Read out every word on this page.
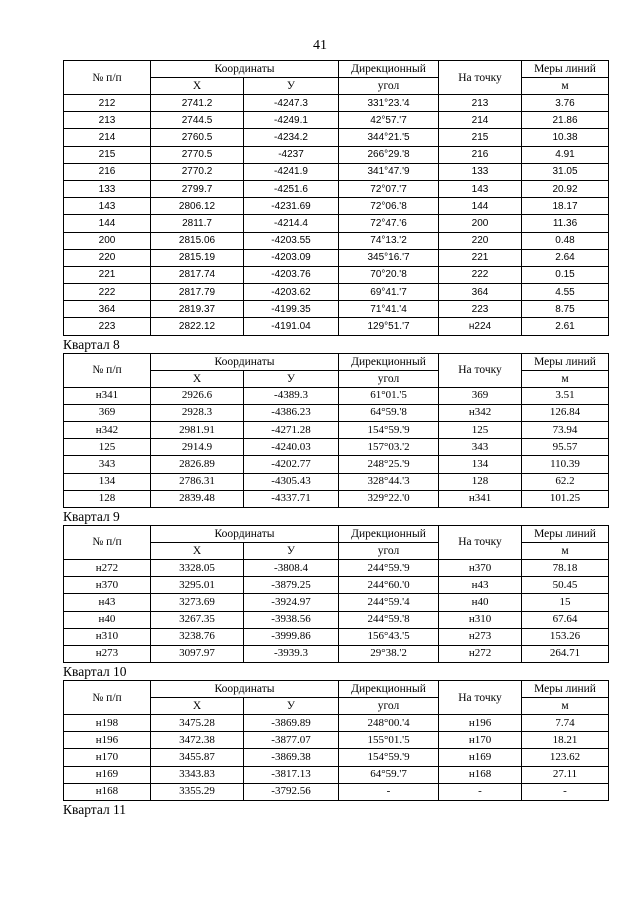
41
№ п/п	Координаты		Дирекционный	На точку	Меры линий
	Х	У	угол		м
212	2741.2	-4247.3	331°23.'4	213	3.76
213	2744.5	-4249.1	42°57.'7	214	21.86
214	2760.5	-4234.2	344°21.'5	215	10.38
215	2770.5	-4237	266°29.'8	216	4.91
216	2770.2	-4241.9	341°47.'9	133	31.05
133	2799.7	-4251.6	72°07.'7	143	20.92
143	2806.12	-4231.69	72°06.'8	144	18.17
144	2811.7	-4214.4	72°47.'6	200	11.36
200	2815.06	-4203.55	74°13.'2	220	0.48
220	2815.19	-4203.09	345°16.'7	221	2.64
221	2817.74	-4203.76	70°20.'8	222	0.15
222	2817.79	-4203.62	69°41.'7	364	4.55
364	2819.37	-4199.35	71°41.'4	223	8.75
223	2822.12	-4191.04	129°51.'7	н224	2.61
Квартал 8
№ п/п	Координаты		Дирекционный	На точку	Меры линий
	Х	У	угол		м
н341	2926.6	-4389.3	61°01.'5	369	3.51
369	2928.3	-4386.23	64°59.'8	н342	126.84
н342	2981.91	-4271.28	154°59.'9	125	73.94
125	2914.9	-4240.03	157°03.'2	343	95.57
343	2826.89	-4202.77	248°25.'9	134	110.39
134	2786.31	-4305.43	328°44.'3	128	62.2
128	2839.48	-4337.71	329°22.'0	н341	101.25
Квартал 9
№ п/п	Координаты		Дирекционный	На точку	Меры линий
	Х	У	угол		м
н272	3328.05	-3808.4	244°59.'9	н370	78.18
н370	3295.01	-3879.25	244°60.'0	н43	50.45
н43	3273.69	-3924.97	244°59.'4	н40	15
н40	3267.35	-3938.56	244°59.'8	н310	67.64
н310	3238.76	-3999.86	156°43.'5	н273	153.26
н273	3097.97	-3939.3	29°38.'2	н272	264.71
Квартал 10
№ п/п	Координаты		Дирекционный	На точку	Меры линий
	Х	У	угол		м
н198	3475.28	-3869.89	248°00.'4	н196	7.74
н196	3472.38	-3877.07	155°01.'5	н170	18.21
н170	3455.87	-3869.38	154°59.'9	н169	123.62
н169	3343.83	-3817.13	64°59.'7	н168	27.11
н168	3355.29	-3792.56	-	-	-
Квартал 11
